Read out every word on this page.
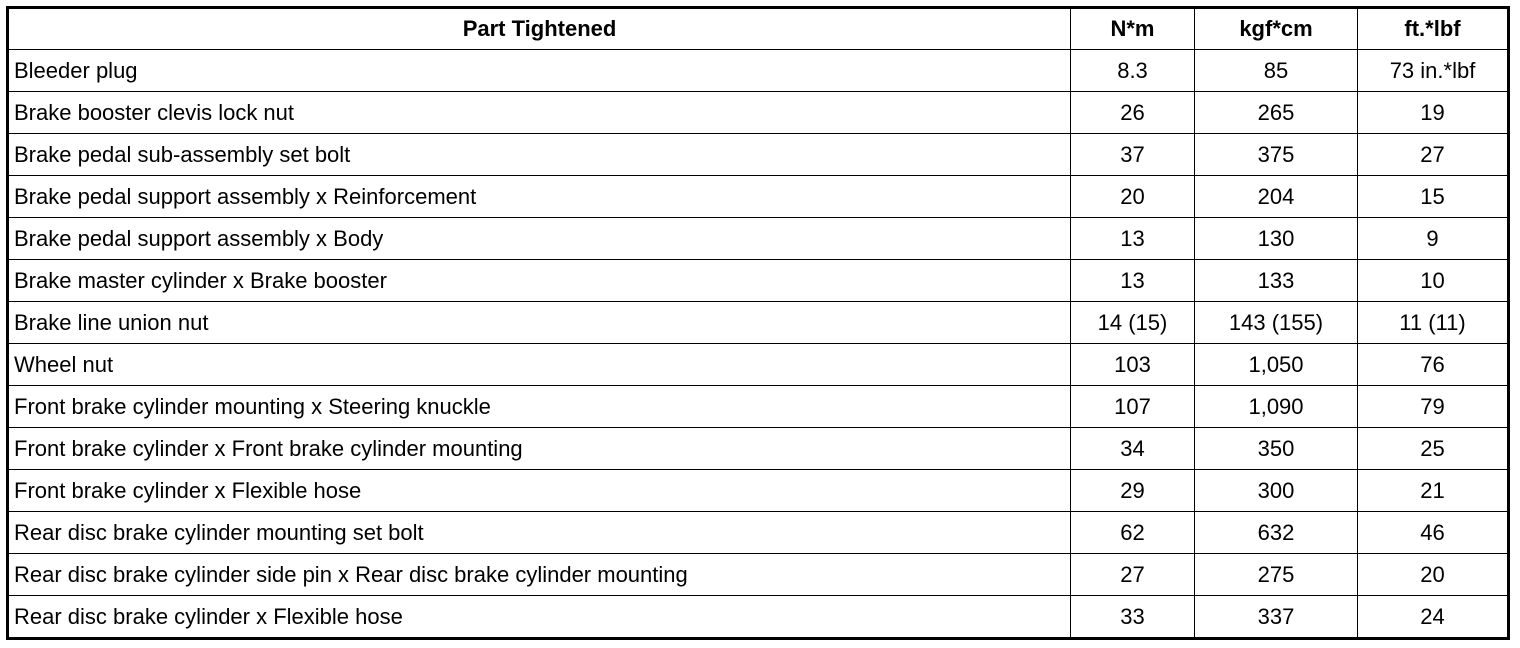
Part Tightened	N*m	kgf*cm	ft.*lbf
Bleeder plug	8.3	85	73 in.*lbf
Brake booster clevis lock nut	26	265	19
Brake pedal sub-assembly set bolt	37	375	27
Brake pedal support assembly x Reinforcement	20	204	15
Brake pedal support assembly x Body	13	130	9
Brake master cylinder x Brake booster	13	133	10
Brake line union nut	14 (15)	143 (155)	11 (11)
Wheel nut	103	1,050	76
Front brake cylinder mounting x Steering knuckle	107	1,090	79
Front brake cylinder x Front brake cylinder mounting	34	350	25
Front brake cylinder x Flexible hose	29	300	21
Rear disc brake cylinder mounting set bolt	62	632	46
Rear disc brake cylinder side pin x Rear disc brake cylinder mounting	27	275	20
Rear disc brake cylinder x Flexible hose	33	337	24
